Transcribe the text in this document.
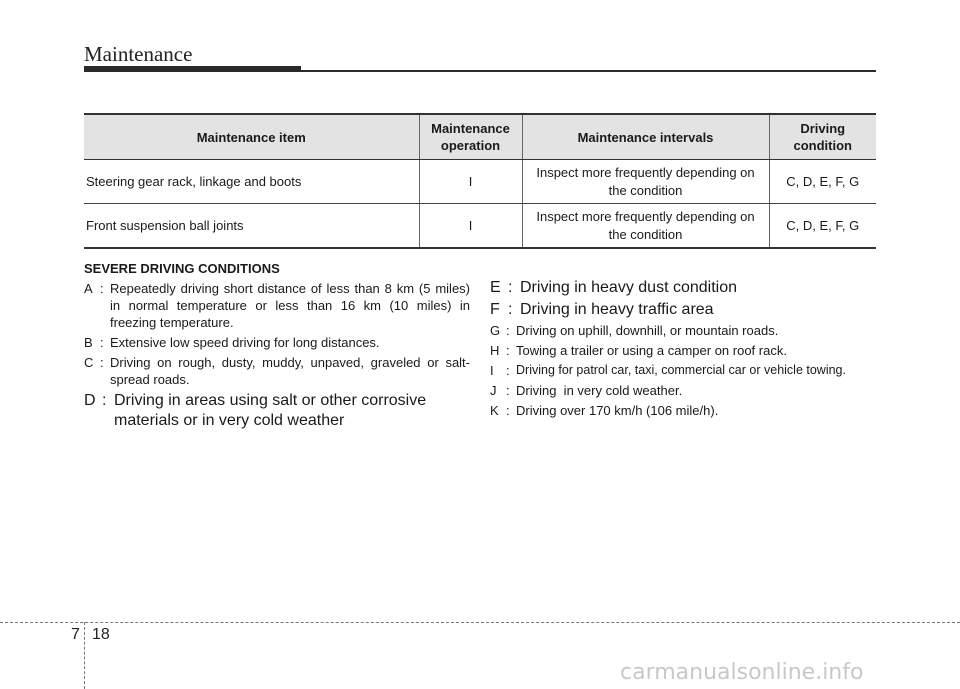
Maintenance
Maintenance item	Maintenance operation	Maintenance intervals	Driving condition
Steering gear rack, linkage and boots	I	Inspect more frequently depending on the condition	C, D, E, F, G
Front suspension ball joints	I	Inspect more frequently depending on the condition	C, D, E, F, G
SEVERE DRIVING CONDITIONS
A : Repeatedly driving short distance of less than 8 km (5 miles) in normal temperature or less than 16 km (10 miles) in freezing temperature.
B : Extensive low speed driving for long distances.
C : Driving on rough, dusty, muddy, unpaved, graveled or salt-spread roads.
D : Driving in areas using salt or other corrosive materials or in very cold weather
E : Driving in heavy dust condition
F : Driving in heavy traffic area
G : Driving on uphill, downhill, or mountain roads.
H : Towing a trailer or using a camper on roof rack.
I : Driving for patrol car, taxi, commercial car or vehicle towing.
J : Driving  in very cold weather.
K : Driving over 170 km/h (106 mile/h).
7 18
carmanualsonline.info
